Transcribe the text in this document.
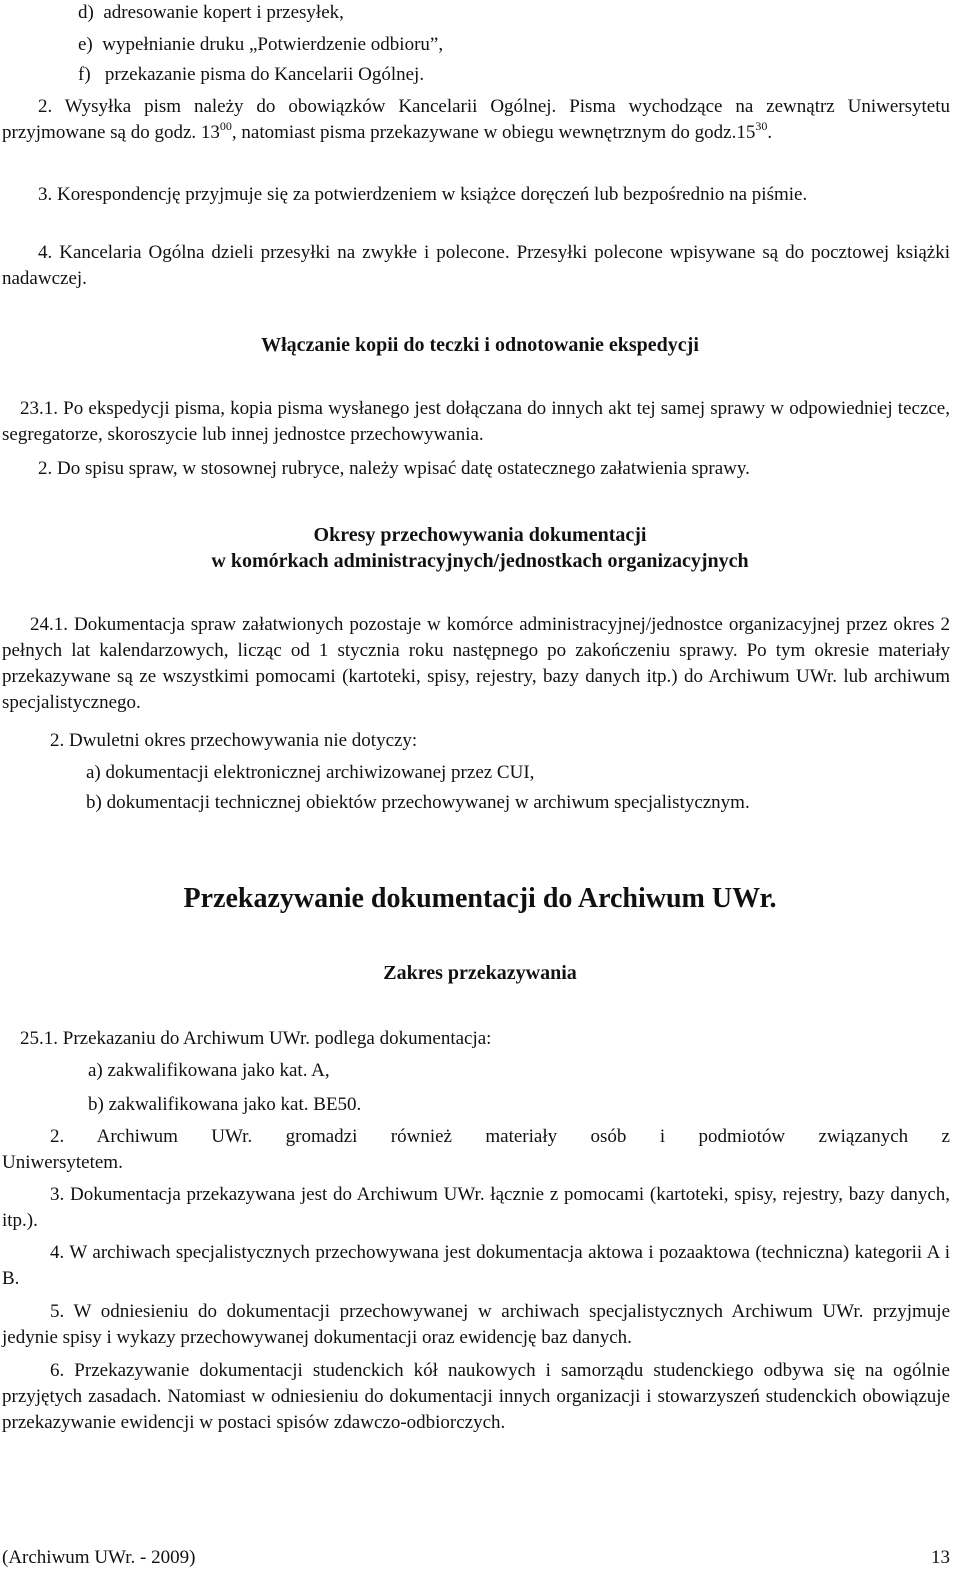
d)  adresowanie kopert i przesyłek,
e)  wypełnianie druku „Potwierdzenie odbioru”,
f)   przekazanie pisma do Kancelarii Ogólnej.
2. Wysyłka pism należy do obowiązków Kancelarii Ogólnej. Pisma wychodzące na zewnątrz Uniwersytetu przyjmowane są do godz. $13^{00}$, natomiast pisma przekazywane w obiegu wewnętrznym do $godz.15^{30}$.
3. Korespondencję przyjmuje się za potwierdzeniem w książce doręczeń lub bezpośrednio na piśmie.
4. Kancelaria Ogólna dzieli przesyłki na zwykłe i polecone. Przesyłki polecone wpisywane są do pocztowej książki nadawczej.
Włączanie kopii do teczki i odnotowanie ekspedycji
23.1. Po ekspedycji pisma, kopia pisma wysłanego jest dołączana do innych akt tej samej sprawy w odpowiedniej teczce, segregatorze, skoroszycie lub innej jednostce przechowywania.
2. Do spisu spraw, w stosownej rubryce, należy wpisać datę ostatecznego załatwienia sprawy.
Okresy przechowywania dokumentacji
w komórkach administracyjnych/jednostkach organizacyjnych
24.1. Dokumentacja spraw załatwionych pozostaje w komórce administracyjnej/jednostce organizacyjnej przez okres 2 pełnych lat kalendarzowych, licząc od 1 stycznia roku następnego po zakończeniu sprawy. Po tym okresie materiały przekazywane są ze wszystkimi pomocami (kartoteki, spisy, rejestry, bazy danych itp.) do Archiwum UWr. lub archiwum specjalistycznego.
2. Dwuletni okres przechowywania nie dotyczy:
a) dokumentacji elektronicznej archiwizowanej przez CUI,
b) dokumentacji technicznej obiektów przechowywanej w archiwum specjalistycznym.
Przekazywanie dokumentacji do Archiwum UWr.
Zakres przekazywania
25.1. Przekazaniu do Archiwum UWr. podlega dokumentacja:
a) zakwalifikowana jako kat. A,
b) zakwalifikowana jako kat. BE50.
2. Archiwum UWr. gromadzi również materiały osób i podmiotów związanych z Uniwersytetem.
3. Dokumentacja przekazywana jest do Archiwum UWr. łącznie z pomocami (kartoteki, spisy, rejestry, bazy danych, itp.).
4. W archiwach specjalistycznych przechowywana jest dokumentacja aktowa i pozaaktowa (techniczna) kategorii A i B.
5. W odniesieniu do dokumentacji przechowywanej w archiwach specjalistycznych Archiwum UWr. przyjmuje jedynie spisy i wykazy przechowywanej dokumentacji oraz ewidencję baz danych.
6. Przekazywanie dokumentacji studenckich kół naukowych i samorządu studenckiego odbywa się na ogólnie przyjętych zasadach. Natomiast w odniesieniu do dokumentacji innych organizacji i stowarzyszeń studenckich obowiązuje przekazywanie ewidencji w postaci spisów zdawczo-odbiorczych.
(Archiwum UWr. - 2009)	13
